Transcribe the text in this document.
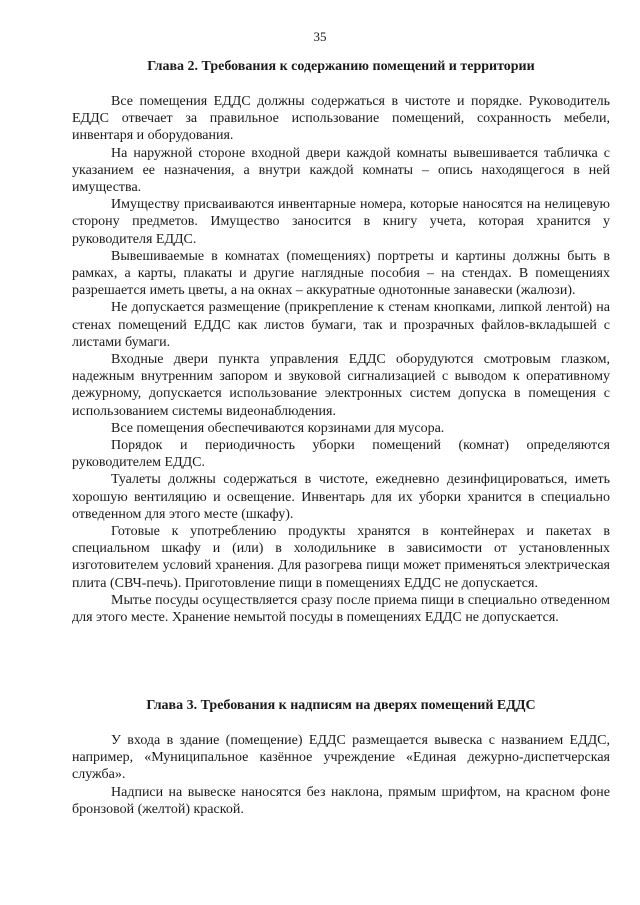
35
Глава 2. Требования к содержанию помещений и территории

Все помещения ЕДДС должны содержаться в чистоте и порядке. Руководитель ЕДДС отвечает за правильное использование помещений, сохранность мебели, инвентаря и оборудования.

На наружной стороне входной двери каждой комнаты вывешивается табличка с указанием ее назначения, а внутри каждой комнаты – опись находящегося в ней имущества.

Имуществу присваиваются инвентарные номера, которые наносятся на нелицевую сторону предметов. Имущество заносится в книгу учета, которая хранится у руководителя ЕДДС.

Вывешиваемые в комнатах (помещениях) портреты и картины должны быть в рамках, а карты, плакаты и другие наглядные пособия – на стендах. В помещениях разрешается иметь цветы, а на окнах – аккуратные однотонные занавески (жалюзи).

Не допускается размещение (прикрепление к стенам кнопками, липкой лентой) на стенах помещений ЕДДС как листов бумаги, так и прозрачных файлов-вкладышей с листами бумаги.

Входные двери пункта управления ЕДДС оборудуются смотровым глазком, надежным внутренним запором и звуковой сигнализацией с выводом к оперативному дежурному, допускается использование электронных систем допуска в помещения с использованием системы видеонаблюдения.

Все помещения обеспечиваются корзинами для мусора.

Порядок и периодичность уборки помещений (комнат) определяются руководителем ЕДДС.

Туалеты должны содержаться в чистоте, ежедневно дезинфицироваться, иметь хорошую вентиляцию и освещение. Инвентарь для их уборки хранится в специально отведенном для этого месте (шкафу).

Готовые к употреблению продукты хранятся в контейнерах и пакетах в специальном шкафу и (или) в холодильнике в зависимости от установленных изготовителем условий хранения. Для разогрева пищи может применяться электрическая плита (СВЧ-печь). Приготовление пищи в помещениях ЕДДС не допускается.

Мытье посуды осуществляется сразу после приема пищи в специально отведенном для этого месте. Хранение немытой посуды в помещениях ЕДДС не допускается.

Глава 3. Требования к надписям на дверях помещений ЕДДС

У входа в здание (помещение) ЕДДС размещается вывеска с названием ЕДДС, например, «Муниципальное казённое учреждение «Единая дежурно-диспетчерская служба».

Надписи на вывеске наносятся без наклона, прямым шрифтом, на красном фоне бронзовой (желтой) краской.
